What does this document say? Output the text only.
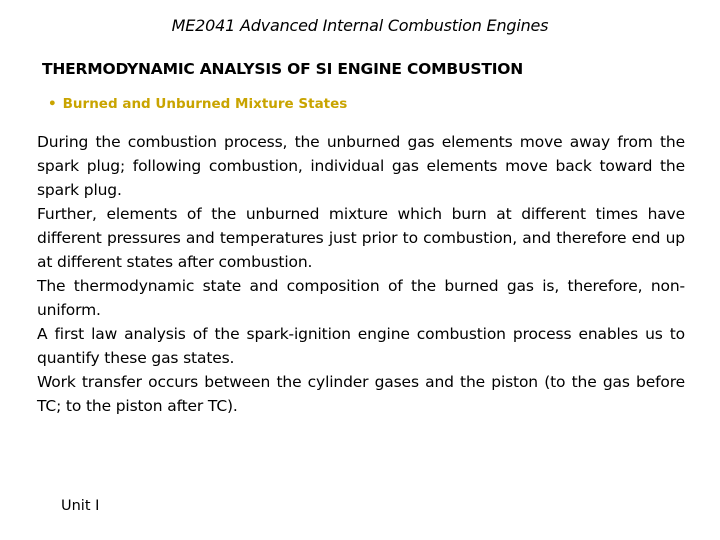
ME2041 Advanced Internal Combustion Engines
THERMODYNAMIC ANALYSIS OF SI ENGINE COMBUSTION
• Burned and Unburned Mixture States

During the combustion process, the unburned gas elements move away from the spark plug; following combustion, individual gas elements move back toward the spark plug.

Further, elements of the unburned mixture which burn at different times have different pressures and temperatures just prior to combustion, and therefore end up at different states after combustion.

The thermodynamic state and composition of the burned gas is, therefore, non-uniform.

A first law analysis of the spark-ignition engine combustion process enables us to quantify these gas states.

Work transfer occurs between the cylinder gases and the piston (to the gas before TC; to the piston after TC).

Unit I
